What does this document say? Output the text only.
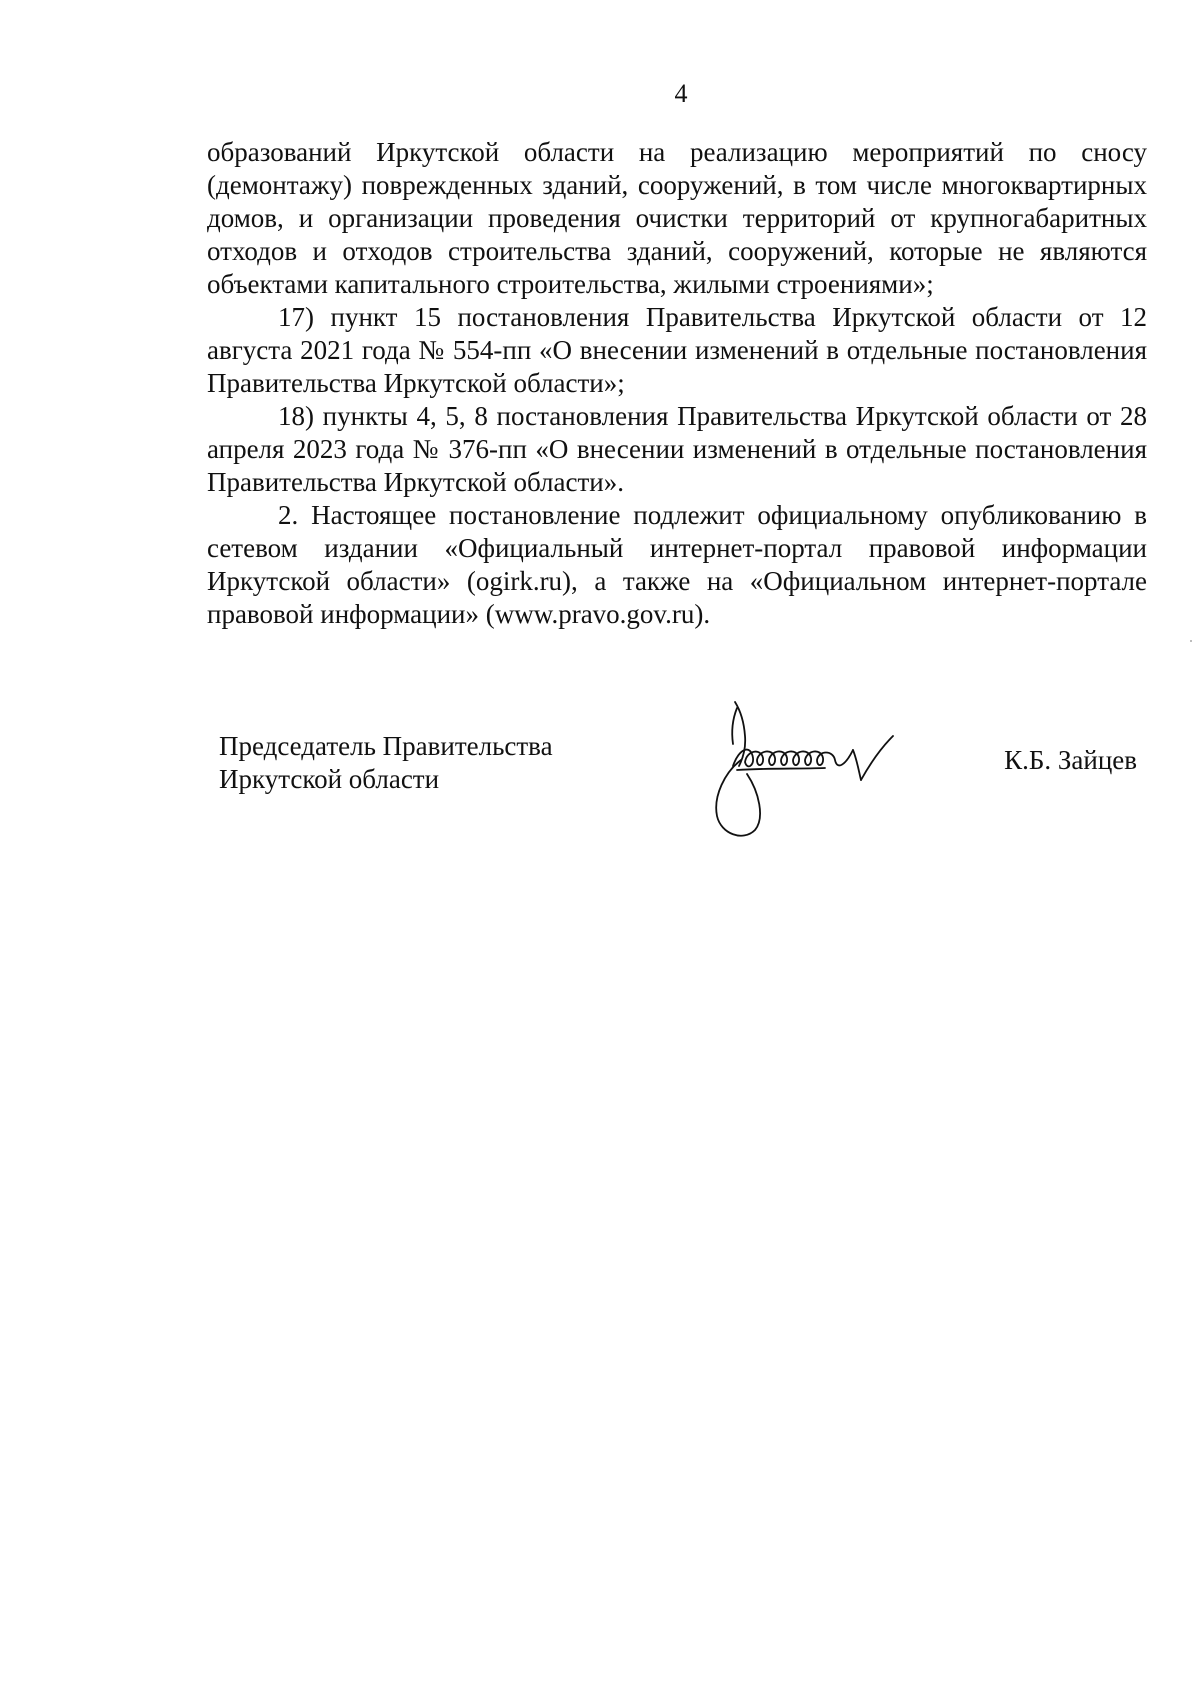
4

образований Иркутской области на реализацию мероприятий по сносу (демонтажу) поврежденных зданий, сооружений, в том числе многоквартирных домов, и организации проведения очистки территорий от крупногабаритных отходов и отходов строительства зданий, сооружений, которые не являются объектами капитального строительства, жилыми строениями»;

17) пункт 15 постановления Правительства Иркутской области от 12 августа 2021 года № 554-пп «О внесении изменений в отдельные постановления Правительства Иркутской области»;

18) пункты 4, 5, 8 постановления Правительства Иркутской области от 28 апреля 2023 года № 376-пп «О внесении изменений в отдельные постановления Правительства Иркутской области».

2. Настоящее постановление подлежит официальному опубликованию в сетевом издании «Официальный интернет-портал правовой информации Иркутской области» (ogirk.ru), а также на «Официальном интернет-портале правовой информации» (www.pravo.gov.ru).

Председатель Правительства
Иркутской области
К.Б. Зайцев
